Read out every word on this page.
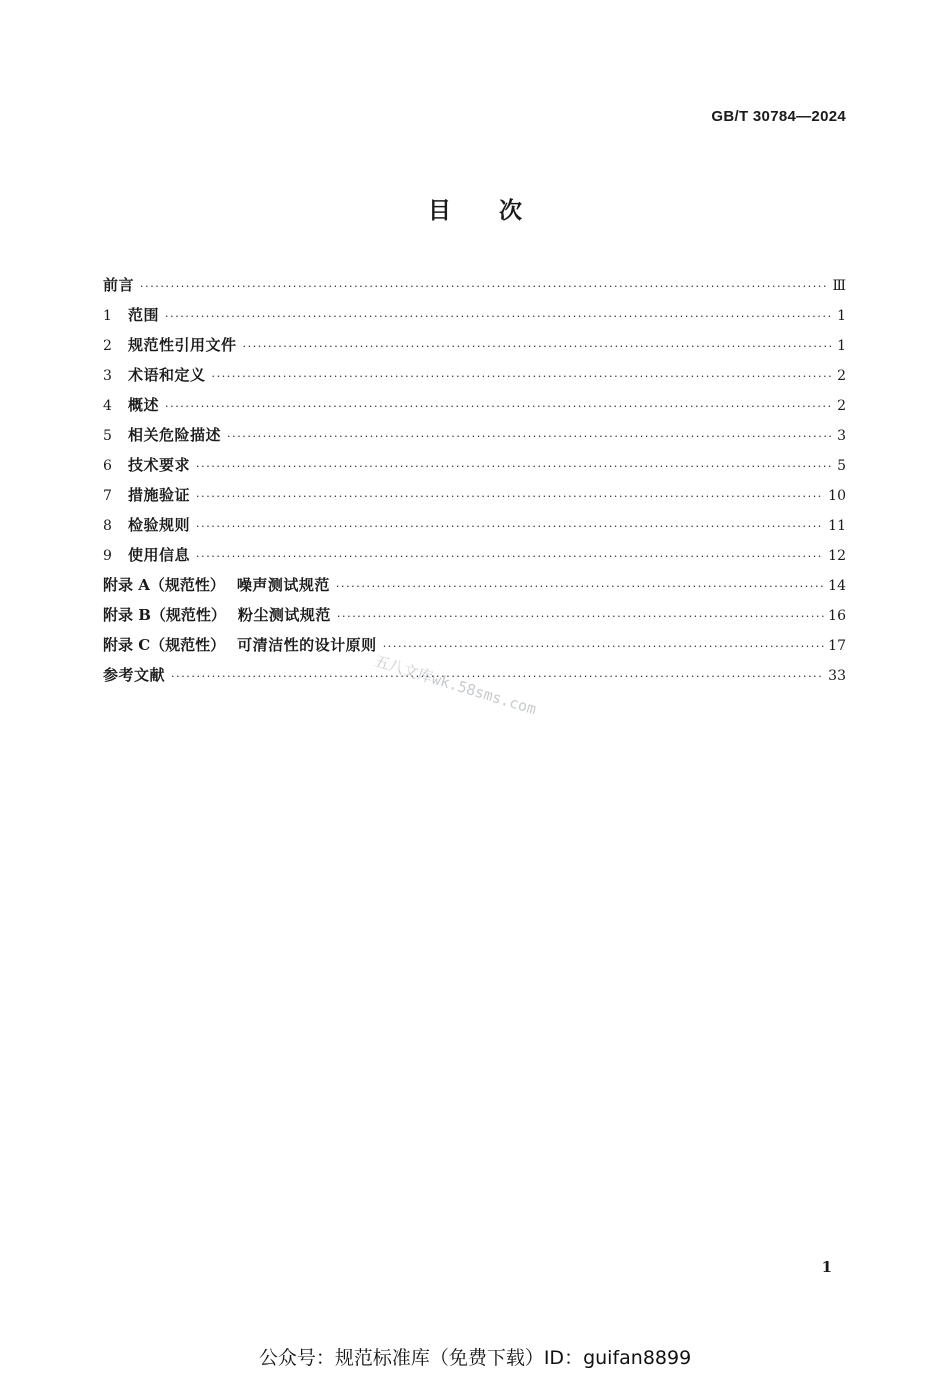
GB/T 30784—2024
目次
前言 ·····	Ⅲ
1	范围 ·····	1
2	规范性引用文件 ·····	1
3	术语和定义 ·····	2
4	概述 ·····	2
5	相关危险描述 ·····	3
6	技术要求 ·····	5
7	措施验证 ·····	10
8	检验规则 ·····	11
9	使用信息 ·····	12
附录 A（规范性） 噪声测试规范 ·····	14
附录 B（规范性） 粉尘测试规范 ·····	16
附录 C（规范性） 可清洁性的设计原则 ·····	17
参考文献 ·····	33
五八文库wk.58sms.com
1
公众号：规范标准库（免费下载）ID：guifan8899
